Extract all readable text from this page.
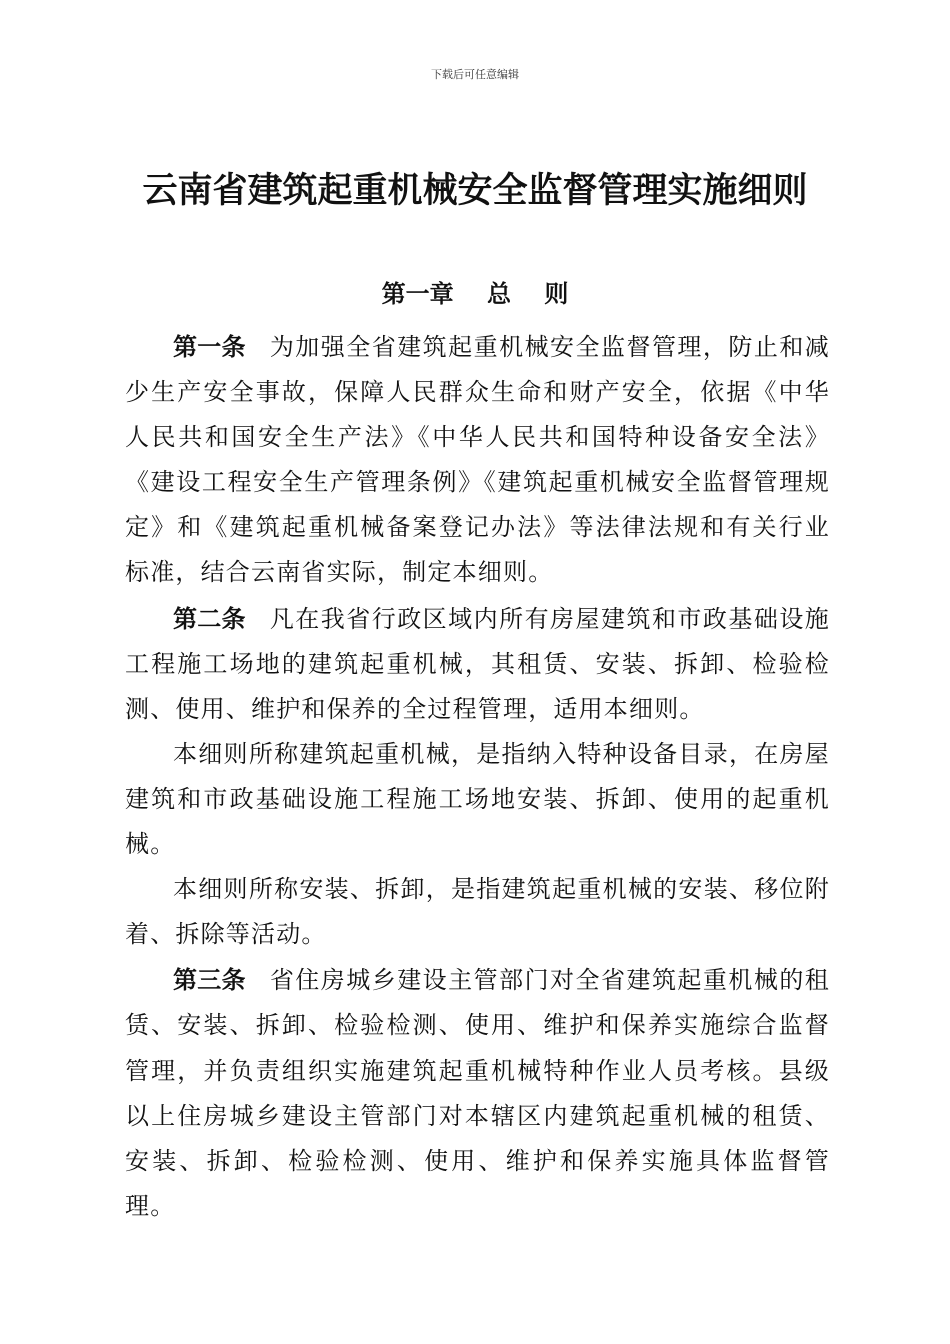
下载后可任意编辑
云南省建筑起重机械安全监督管理实施细则
第一章    总    则

第一条 为加强全省建筑起重机械安全监督管理，防止和减少生产安全事故，保障人民群众生命和财产安全，依据《中华人民共和国安全生产法》《中华人民共和国特种设备安全法》《建设工程安全生产管理条例》《建筑起重机械安全监督管理规定》和《建筑起重机械备案登记办法》等法律法规和有关行业标准，结合云南省实际，制定本细则。

第二条 凡在我省行政区域内所有房屋建筑和市政基础设施工程施工场地的建筑起重机械，其租赁、安装、拆卸、检验检测、使用、维护和保养的全过程管理，适用本细则。

本细则所称建筑起重机械，是指纳入特种设备目录，在房屋建筑和市政基础设施工程施工场地安装、拆卸、使用的起重机械。

本细则所称安装、拆卸，是指建筑起重机械的安装、移位附着、拆除等活动。

第三条 省住房城乡建设主管部门对全省建筑起重机械的租赁、安装、拆卸、检验检测、使用、维护和保养实施综合监督管理，并负责组织实施建筑起重机械特种作业人员考核。县级以上住房城乡建设主管部门对本辖区内建筑起重机械的租赁、安装、拆卸、检验检测、使用、维护和保养实施具体监督管理。
